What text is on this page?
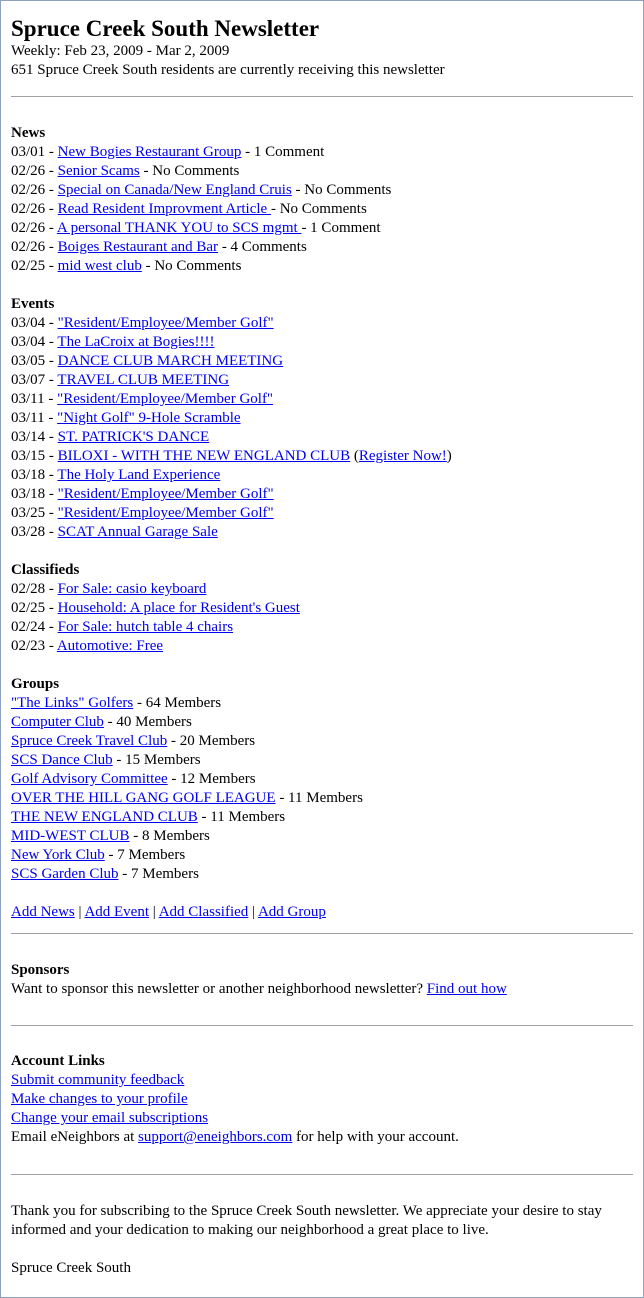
Spruce Creek South Newsletter
Weekly: Feb 23, 2009 - Mar 2, 2009
651 Spruce Creek South residents are currently receiving this newsletter
News
03/01 - New Bogies Restaurant Group - 1 Comment
02/26 - Senior Scams - No Comments
02/26 - Special on Canada/New England Cruis - No Comments
02/26 - Read Resident Improvment Article - No Comments
02/26 - A personal THANK YOU to SCS mgmt - 1 Comment
02/26 - Boiges Restaurant and Bar - 4 Comments
02/25 - mid west club - No Comments
Events
03/04 - "Resident/Employee/Member Golf"
03/04 - The LaCroix at Bogies!!!!
03/05 - DANCE CLUB MARCH MEETING
03/07 - TRAVEL CLUB MEETING
03/11 - "Resident/Employee/Member Golf"
03/11 - "Night Golf" 9-Hole Scramble
03/14 - ST. PATRICK'S DANCE
03/15 - BILOXI - WITH THE NEW ENGLAND CLUB (Register Now!)
03/18 - The Holy Land Experience
03/18 - "Resident/Employee/Member Golf"
03/25 - "Resident/Employee/Member Golf"
03/28 - SCAT Annual Garage Sale
Classifieds
02/28 - For Sale: casio keyboard
02/25 - Household: A place for Resident's Guest
02/24 - For Sale: hutch table 4 chairs
02/23 - Automotive: Free
Groups
"The Links" Golfers - 64 Members
Computer Club - 40 Members
Spruce Creek Travel Club - 20 Members
SCS Dance Club - 15 Members
Golf Advisory Committee - 12 Members
OVER THE HILL GANG GOLF LEAGUE - 11 Members
THE NEW ENGLAND CLUB - 11 Members
MID-WEST CLUB - 8 Members
New York Club - 7 Members
SCS Garden Club - 7 Members
Add News | Add Event | Add Classified | Add Group
Sponsors
Want to sponsor this newsletter or another neighborhood newsletter? Find out how
Account Links
Submit community feedback
Make changes to your profile
Change your email subscriptions
Email eNeighbors at support@eneighbors.com for help with your account.
Thank you for subscribing to the Spruce Creek South newsletter. We appreciate your desire to stay informed and your dedication to making our neighborhood a great place to live.
Spruce Creek South
